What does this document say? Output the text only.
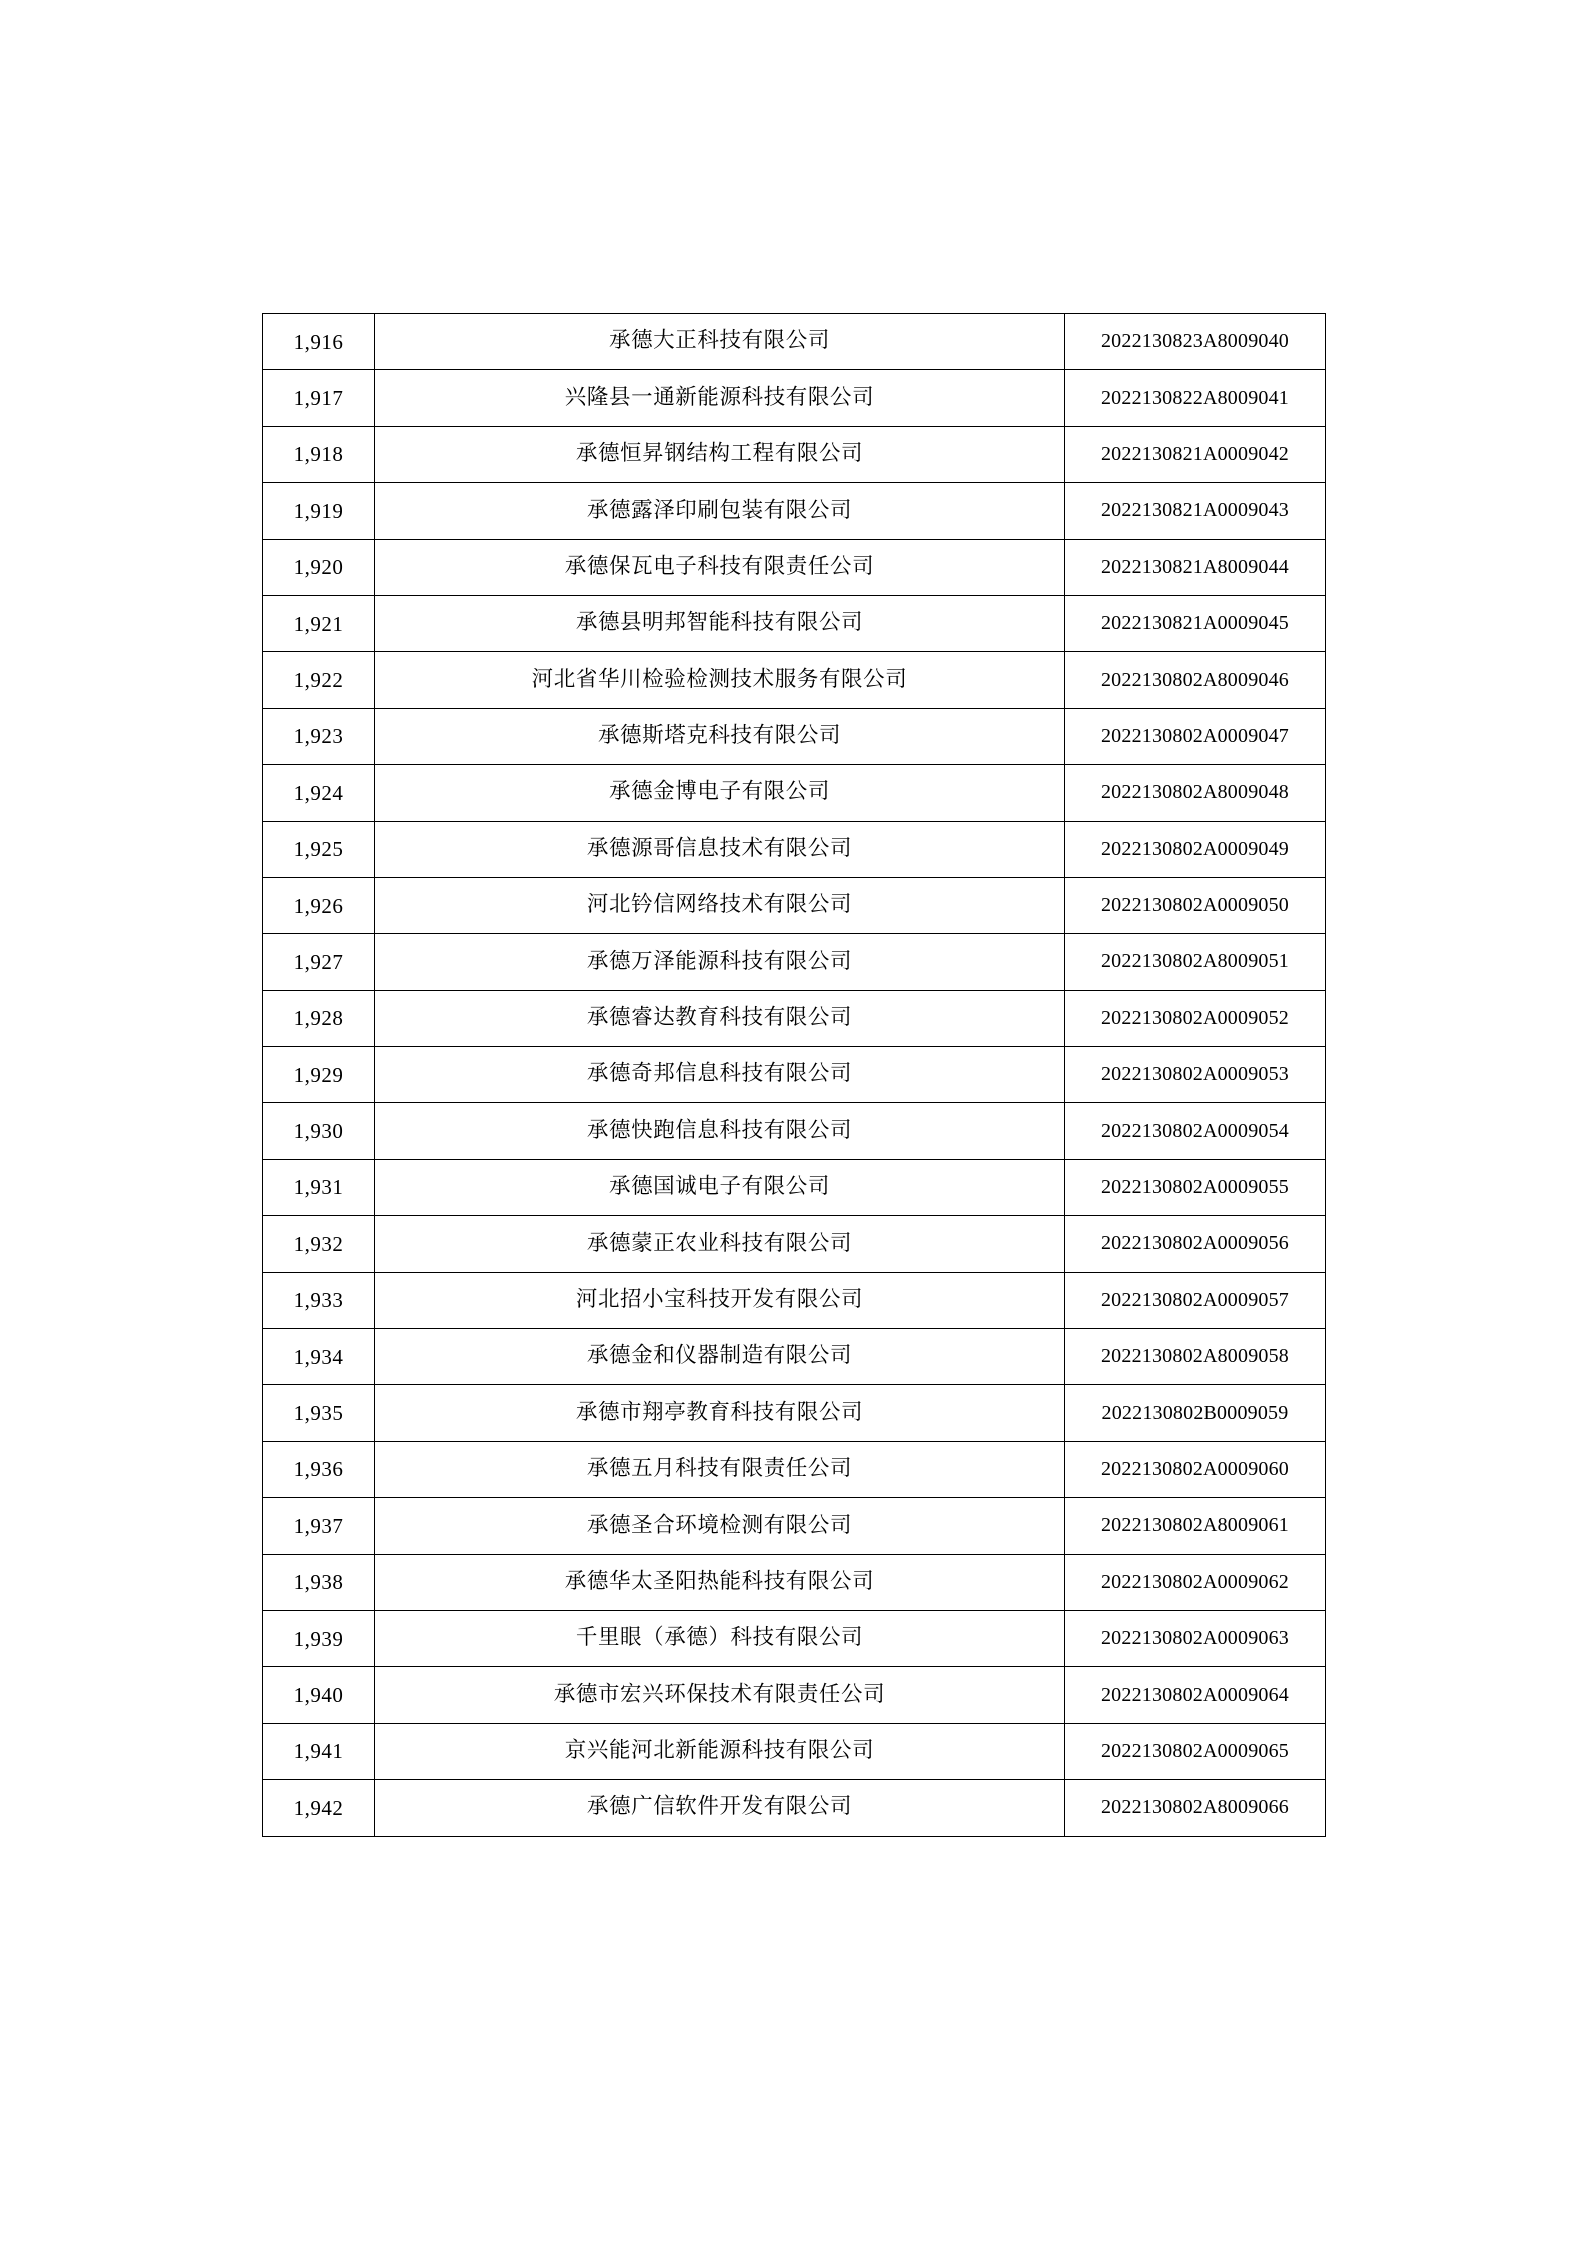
1,916	承德大正科技有限公司	2022130823A8009040
1,917	兴隆县一通新能源科技有限公司	2022130822A8009041
1,918	承德恒昇钢结构工程有限公司	2022130821A0009042
1,919	承德露泽印刷包装有限公司	2022130821A0009043
1,920	承德保瓦电子科技有限责任公司	2022130821A8009044
1,921	承德县明邦智能科技有限公司	2022130821A0009045
1,922	河北省华川检验检测技术服务有限公司	2022130802A8009046
1,923	承德斯塔克科技有限公司	2022130802A0009047
1,924	承德金博电子有限公司	2022130802A8009048
1,925	承德源哥信息技术有限公司	2022130802A0009049
1,926	河北钤信网络技术有限公司	2022130802A0009050
1,927	承德万泽能源科技有限公司	2022130802A8009051
1,928	承德睿达教育科技有限公司	2022130802A0009052
1,929	承德奇邦信息科技有限公司	2022130802A0009053
1,930	承德快跑信息科技有限公司	2022130802A0009054
1,931	承德国诚电子有限公司	2022130802A0009055
1,932	承德蒙正农业科技有限公司	2022130802A0009056
1,933	河北招小宝科技开发有限公司	2022130802A0009057
1,934	承德金和仪器制造有限公司	2022130802A8009058
1,935	承德市翔亭教育科技有限公司	2022130802B0009059
1,936	承德五月科技有限责任公司	2022130802A0009060
1,937	承德圣合环境检测有限公司	2022130802A8009061
1,938	承德华太圣阳热能科技有限公司	2022130802A0009062
1,939	千里眼（承德）科技有限公司	2022130802A0009063
1,940	承德市宏兴环保技术有限责任公司	2022130802A0009064
1,941	京兴能河北新能源科技有限公司	2022130802A0009065
1,942	承德广信软件开发有限公司	2022130802A8009066
